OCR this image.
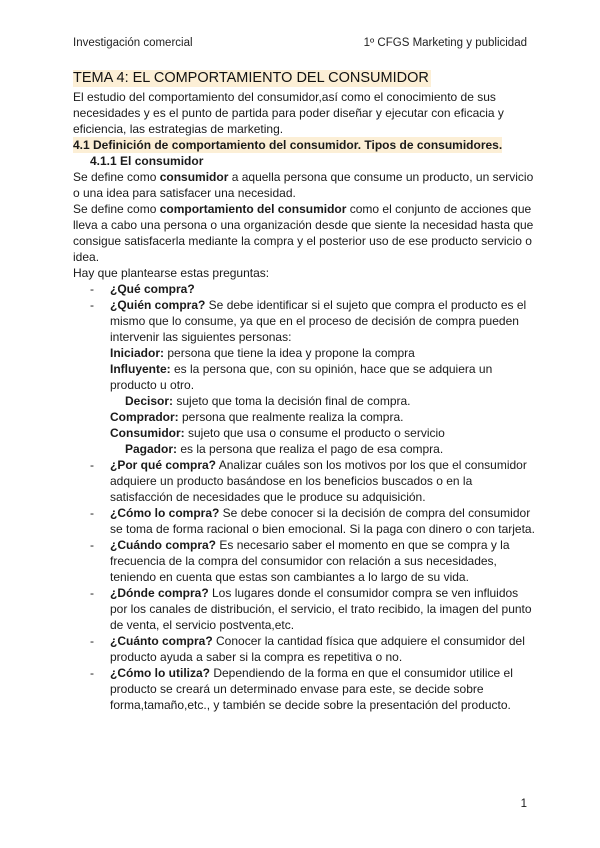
Investigación comercial	1º CFGS Marketing y publicidad
TEMA 4: EL COMPORTAMIENTO DEL CONSUMIDOR

El estudio del comportamiento del consumidor,así como el conocimiento de sus necesidades y es el punto de partida para poder diseñar y ejecutar con eficacia y eficiencia, las estrategias de marketing.

4.1 Definición de comportamiento del consumidor. Tipos de consumidores.

4.1.1 El consumidor

Se define como consumidor a aquella persona que consume un producto, un servicio o una idea para satisfacer una necesidad.

Se define como comportamiento del consumidor como el conjunto de acciones que lleva a cabo una persona o una organización desde que siente la necesidad hasta que consigue satisfacerla mediante la compra y el posterior uso de ese producto servicio o idea.

Hay que plantearse estas preguntas:

- ¿Qué compra?
- ¿Quién compra? Se debe identificar si el sujeto que compra el producto es el mismo que lo consume, ya que en el proceso de decisión de compra pueden intervenir las siguientes personas:

Iniciador: persona que tiene la idea y propone la compra

Influyente: es la persona que, con su opinión, hace que se adquiera un producto u otro.

Decisor: sujeto que toma la decisión final de compra.

Comprador: persona que realmente realiza la compra.

Consumidor: sujeto que usa o consume el producto o servicio

Pagador: es la persona que realiza el pago de esa compra.

- ¿Por qué compra? Analizar cuáles son los motivos por los que el consumidor adquiere un producto basándose en los beneficios buscados o en la satisfacción de necesidades que le produce su adquisición.
- ¿Cómo lo compra? Se debe conocer si la decisión de compra del consumidor se toma de forma racional o bien emocional. Si la paga con dinero o con tarjeta.
- ¿Cuándo compra? Es necesario saber el momento en que se compra y la frecuencia de la compra del consumidor con relación a sus necesidades, teniendo en cuenta que estas son cambiantes a lo largo de su vida.
- ¿Dónde compra? Los lugares donde el consumidor compra se ven influidos por los canales de distribución, el servicio, el trato recibido, la imagen del punto de venta, el servicio postventa,etc.
- ¿Cuánto compra? Conocer la cantidad física que adquiere el consumidor del producto ayuda a saber si la compra es repetitiva o no.
- ¿Cómo lo utiliza? Dependiendo de la forma en que el consumidor utilice el producto se creará un determinado envase para este, se decide sobre forma,tamaño,etc., y también se decide sobre la presentación del producto.
1
